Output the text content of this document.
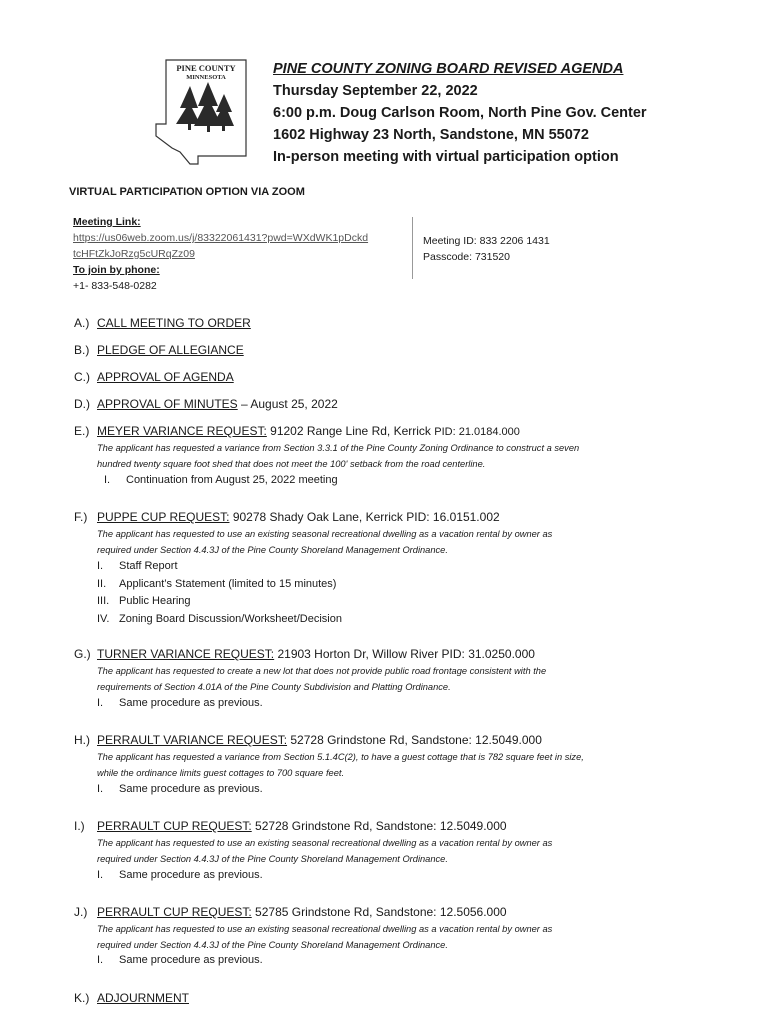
PINE COUNTY
MINNESOTA
PINE COUNTY ZONING BOARD REVISED AGENDA
Thursday September 22, 2022
6:00 p.m. Doug Carlson Room, North Pine Gov. Center
1602 Highway 23 North, Sandstone, MN 55072
In-person meeting with virtual participation option
VIRTUAL PARTICIPATION OPTION VIA ZOOM
Meeting Link:
https://us06web.zoom.us/j/83322061431?pwd=WXdWK1pDckd
tcHFtZkJoRzg5cURqZz09
To join by phone:
+1- 833-548-0282
Meeting ID: 833 2206 1431
Passcode: 731520
A.) CALL MEETING TO ORDER
B.) PLEDGE OF ALLEGIANCE
C.) APPROVAL OF AGENDA
D.) APPROVAL OF MINUTES – August 25, 2022
E.) MEYER VARIANCE REQUEST: 91202 Range Line Rd, Kerrick PID: 21.0184.000
The applicant has requested a variance from Section 3.3.1 of the Pine County Zoning Ordinance to construct a seven
hundred twenty square foot shed that does not meet the 100' setback from the road centerline.
I. Continuation from August 25, 2022 meeting
F.) PUPPE CUP REQUEST: 90278 Shady Oak Lane, Kerrick PID: 16.0151.002
The applicant has requested to use an existing seasonal recreational dwelling as a vacation rental by owner as
required under Section 4.4.3J of the Pine County Shoreland Management Ordinance.
I. Staff Report
II. Applicant’s Statement (limited to 15 minutes)
III. Public Hearing
IV. Zoning Board Discussion/Worksheet/Decision
G.) TURNER VARIANCE REQUEST: 21903 Horton Dr, Willow River PID: 31.0250.000
The applicant has requested to create a new lot that does not provide public road frontage consistent with the
requirements of Section 4.01A of the Pine County Subdivision and Platting Ordinance.
I. Same procedure as previous.
H.) PERRAULT VARIANCE REQUEST: 52728 Grindstone Rd, Sandstone: 12.5049.000
The applicant has requested a variance from Section 5.1.4C(2), to have a guest cottage that is 782 square feet in size,
while the ordinance limits guest cottages to 700 square feet.
I. Same procedure as previous.
I.) PERRAULT CUP REQUEST: 52728 Grindstone Rd, Sandstone: 12.5049.000
The applicant has requested to use an existing seasonal recreational dwelling as a vacation rental by owner as
required under Section 4.4.3J of the Pine County Shoreland Management Ordinance.
I. Same procedure as previous.
J.) PERRAULT CUP REQUEST: 52785 Grindstone Rd, Sandstone: 12.5056.000
The applicant has requested to use an existing seasonal recreational dwelling as a vacation rental by owner as
required under Section 4.4.3J of the Pine County Shoreland Management Ordinance.
I. Same procedure as previous.
K.) ADJOURNMENT
